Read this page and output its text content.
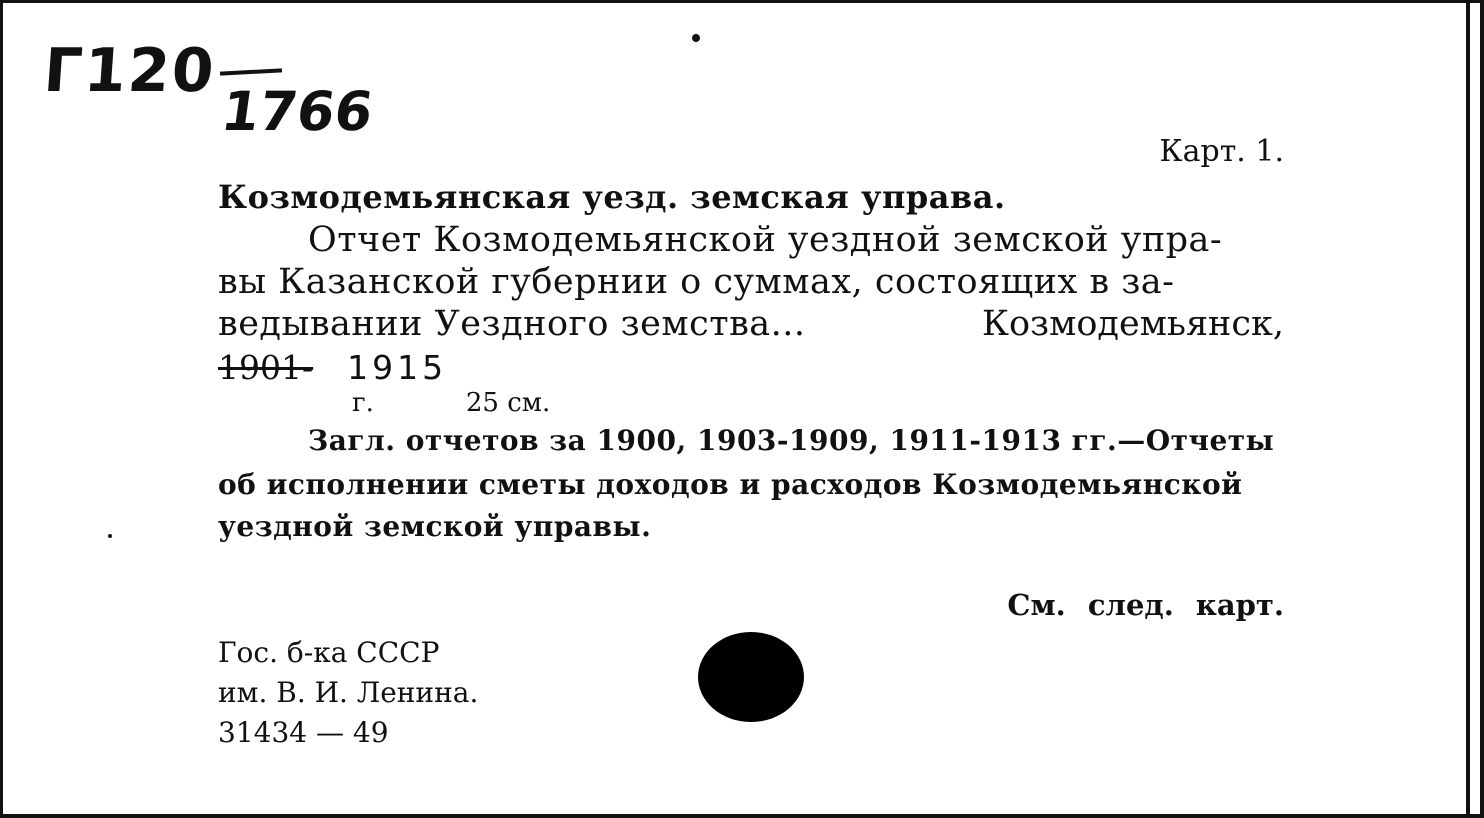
Г120
1766
Карт. 1.
Козмодемьянская уезд. земская управа.
Отчет Козмодемьянской уездной земской упра-
вы Казанской губернии о суммах, состоящих в за-
ведывании Уездного земства...	Козмодемьянск,
1901- 1915
г.	25 см.
Загл. отчетов за 1900, 1903-1909, 1911-1913 гг.—Отчеты
об исполнении сметы доходов и расходов Козмодемьянской
уездной земской управы.
См. след. карт.
Гос. б-ка СССР
им. В. И. Ленина.
31434 — 49
